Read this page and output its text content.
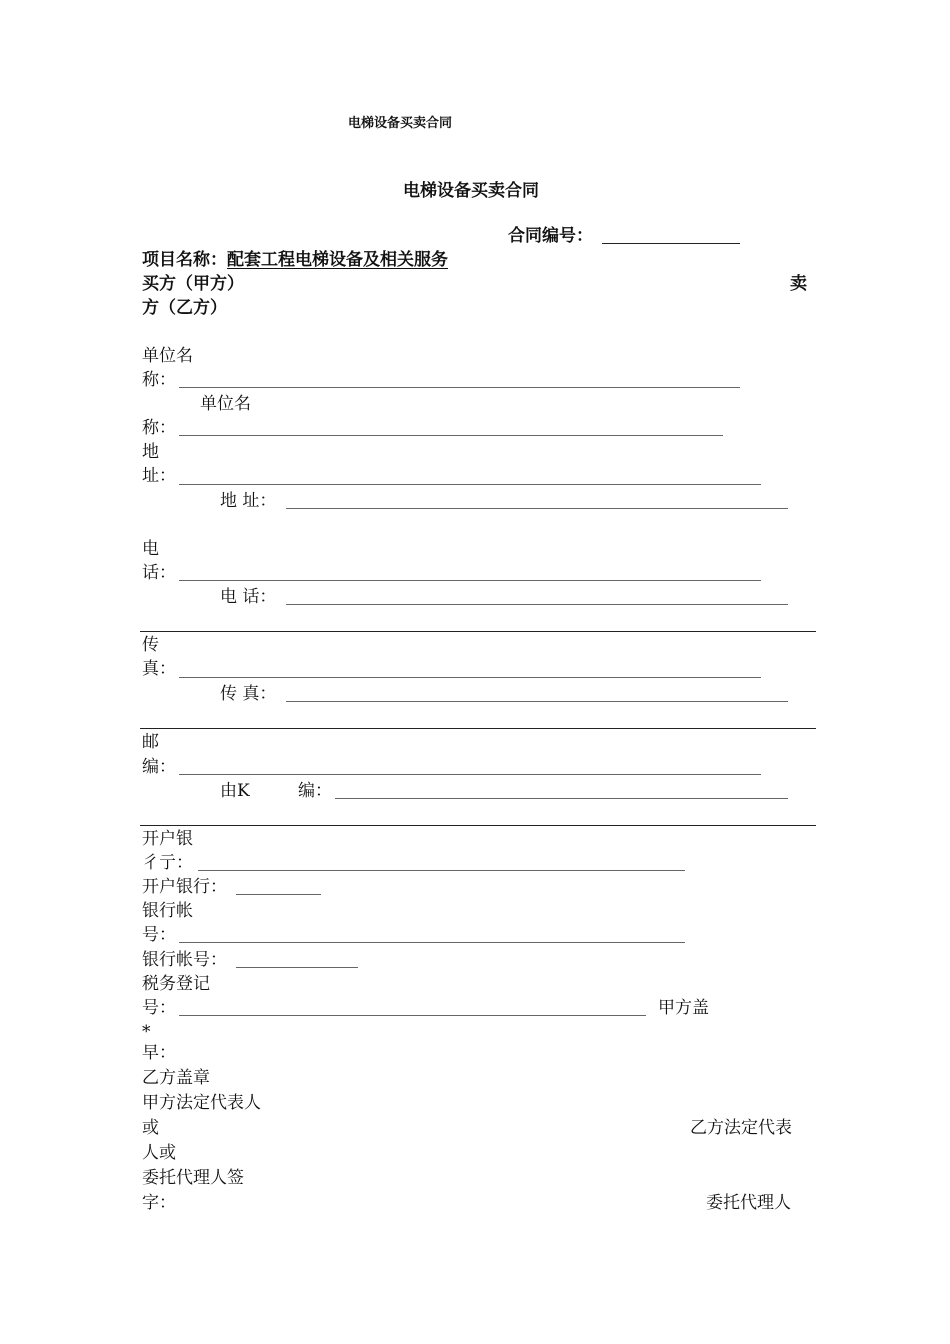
电梯设备买卖合同
电梯设备买卖合同
合同编号：
项目名称：配套工程电梯设备及相关服务
买方（甲方）	卖
方（乙方）
单位名
称：
单位名
称：
地
址：
地 址：
电
话：
电 话：
传
真：
传 真：
邮
编：
由K	编：
开户银
彳亍：
开户银行：
银行帐
号：
银行帐号：
税务登记
号：	甲方盖
*
早：
乙方盖章
甲方法定代表人
或	乙方法定代表
人或
委托代理人签
字：	委托代理人
